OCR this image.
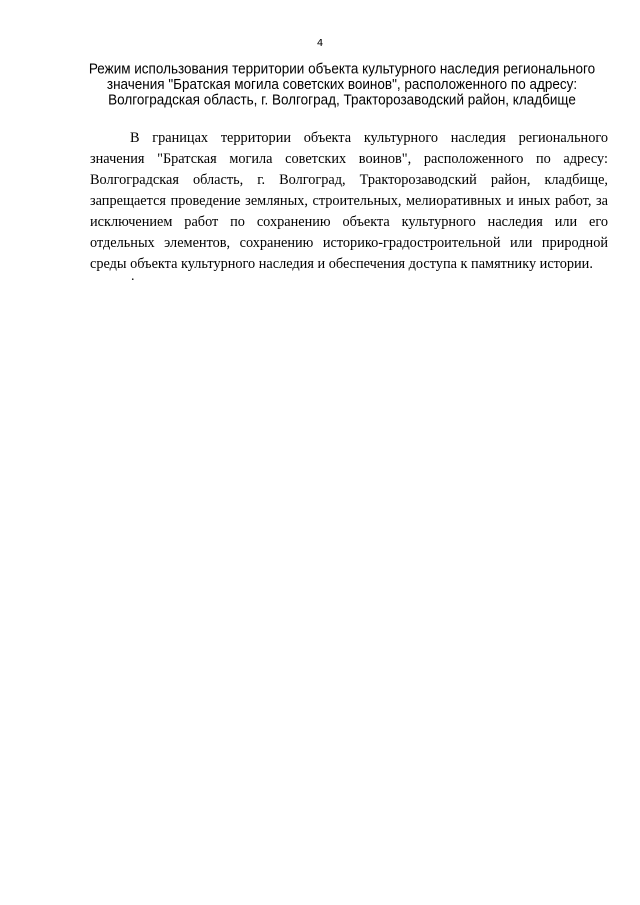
4
Режим использования территории объекта культурного наследия регионального значения "Братская могила советских воинов", расположенного по адресу: Волгоградская область, г. Волгоград, Тракторозаводский район, кладбище

В границах территории объекта культурного наследия регионального значения "Братская могила советских воинов", расположенного по адресу: Волгоградская область, г. Волгоград, Тракторозаводский район, кладбище, запрещается проведение земляных, строительных, мелиоративных и иных работ, за исключением работ по сохранению объекта культурного наследия или его отдельных элементов, сохранению историко-градостроительной или природной среды объекта культурного наследия и обеспечения доступа к памятнику истории.

.
